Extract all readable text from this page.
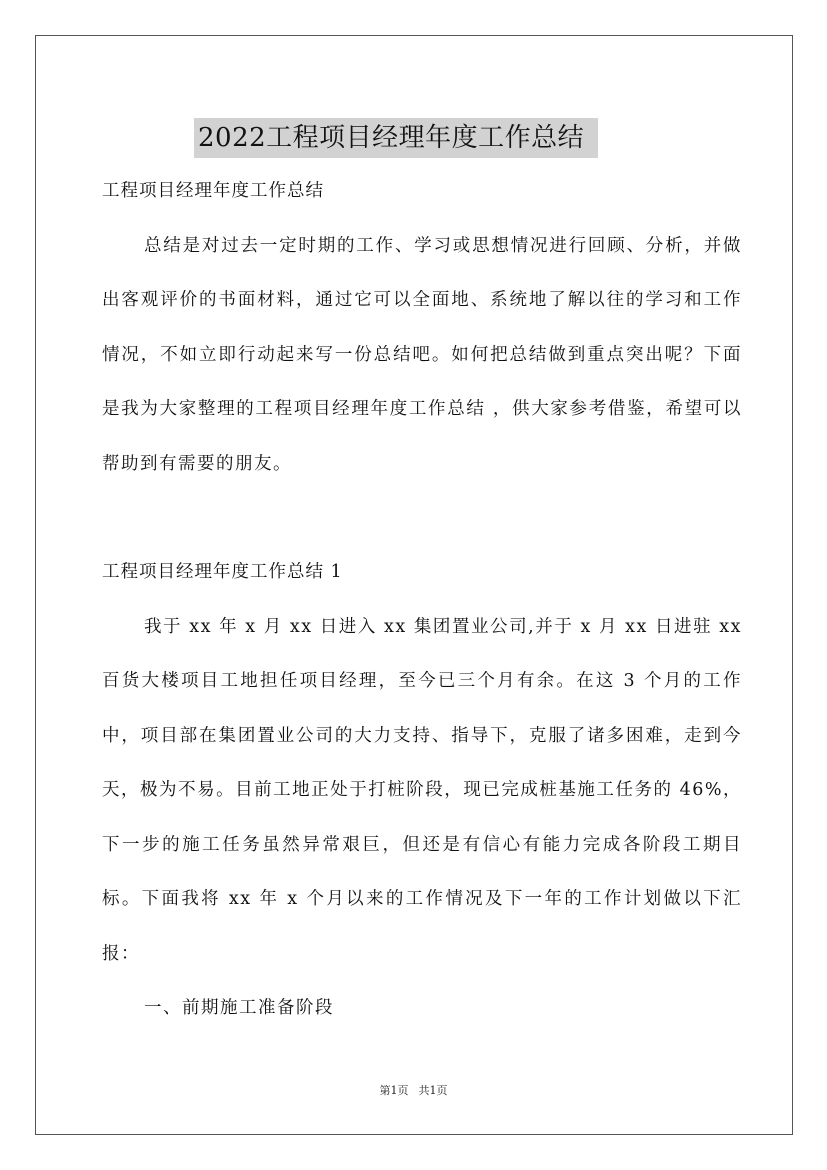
2022工程项目经理年度工作总结

工程项目经理年度工作总结

总结是对过去一定时期的工作、学习或思想情况进行回顾、分析，并做出客观评价的书面材料，通过它可以全面地、系统地了解以往的学习和工作情况，不如立即行动起来写一份总结吧。如何把总结做到重点突出呢？下面是我为大家整理的工程项目经理年度工作总结 ，供大家参考借鉴，希望可以帮助到有需要的朋友。

工程项目经理年度工作总结 1

我于 xx 年 x 月 xx 日进入 xx 集团置业公司,并于 x 月 xx 日进驻 xx 百货大楼项目工地担任项目经理，至今已三个月有余。在这 3 个月的工作中，项目部在集团置业公司的大力支持、指导下，克服了诸多困难，走到今天，极为不易。目前工地正处于打桩阶段，现已完成桩基施工任务的 46%，下一步的施工任务虽然异常艰巨，但还是有信心有能力完成各阶段工期目标。下面我将 xx 年 x 个月以来的工作情况及下一年的工作计划做以下汇报：

一、前期施工准备阶段

第1页 共1页
